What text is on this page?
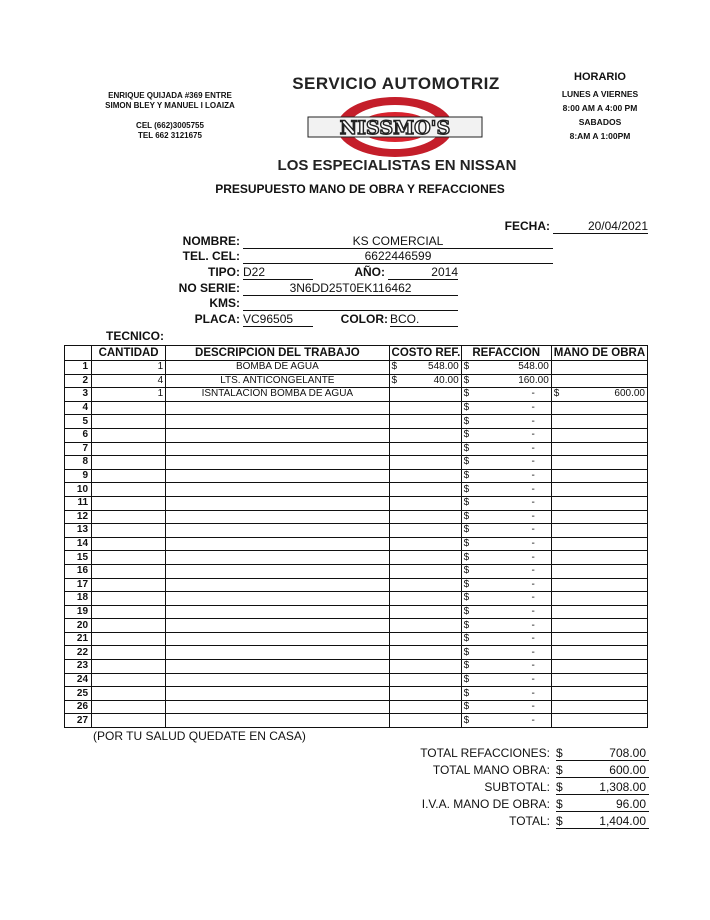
ENRIQUE QUIJADA #369 ENTRE
SIMON BLEY Y MANUEL I LOAIZA
CEL (662)3005755
TEL 662 3121675
SERVICIO AUTOMOTRIZ
NISSMO'S
LOS ESPECIALISTAS EN NISSAN
HORARIO
LUNES A VIERNES
8:00 AM A 4:00 PM
SABADOS
8:AM A 1:00PM
PRESUPUESTO MANO DE OBRA Y REFACCIONES
FECHA:	20/04/2021
NOMBRE:	KS COMERCIAL
TEL. CEL:	6622446599
TIPO: D22	AÑO:	2014
NO SERIE:	3N6DD25T0EK116462
KMS:
PLACA: VC96505	COLOR: BCO.
TECNICO:
	CANTIDAD	DESCRIPCION DEL TRABAJO	COSTO REF.	REFACCION	MANO DE OBRA
1	1	BOMBA DE AGUA	$ 548.00	$ 548.00	

2	4	LTS. ANTICONGELANTE	$ 40.00	$ 160.00	

3	1	ISNTALACION BOMBA DE AGUA		$ -	$ 600.00

4				$ -	

5				$ -	

6				$ -	

7				$ -	

8				$ -	

9				$ -	

10				$ -	

11				$ -	

12				$ -	

13				$ -	

14				$ -	

15				$ -	

16				$ -	

17				$ -	

18				$ -	

19				$ -	

20				$ -	

21				$ -	

22				$ -	

23				$ -	

24				$ -	

25				$ -	

26				$ -	

27				$ -	

(POR TU SALUD QUEDATE EN CASA)
TOTAL REFACCIONES: $	708.00
TOTAL MANO OBRA: $	600.00
SUBTOTAL: $	1,308.00
I.V.A. MANO DE OBRA: $	96.00
TOTAL: $	1,404.00
